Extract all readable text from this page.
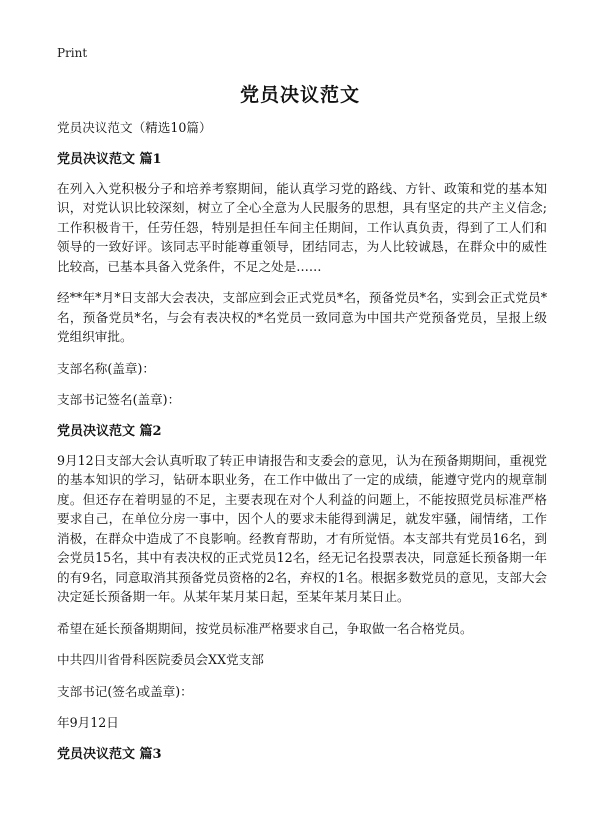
Print
党员决议范文

党员决议范文（精选10篇）

党员决议范文 篇1

在列入入党积极分子和培养考察期间，能认真学习党的路线、方针、政策和党的基本知识，对党认识比较深刻，树立了全心全意为人民服务的思想，具有坚定的共产主义信念;工作积极肯干，任劳任怨，特别是担任车间主任期间，工作认真负责，得到了工人们和领导的一致好评。该同志平时能尊重领导，团结同志，为人比较诚恳，在群众中的威性比较高，已基本具备入党条件，不足之处是……

经**年*月*日支部大会表决，支部应到会正式党员*名，预备党员*名，实到会正式党员*名，预备党员*名，与会有表决权的*名党员一致同意为中国共产党预备党员，呈报上级党组织审批。

支部名称(盖章)：

支部书记签名(盖章)：

党员决议范文 篇2

9月12日支部大会认真听取了转正申请报告和支委会的意见，认为在预备期期间，重视党的基本知识的学习，钻研本职业务，在工作中做出了一定的成绩，能遵守党内的规章制度。但还存在着明显的不足，主要表现在对个人利益的问题上，不能按照党员标准严格要求自己，在单位分房一事中，因个人的要求未能得到满足，就发牢骚，闹情绪，工作消极，在群众中造成了不良影响。经教育帮助，才有所觉悟。本支部共有党员16名，到会党员15名，其中有表决权的正式党员12名，经无记名投票表决，同意延长预备期一年的有9名，同意取消其预备党员资格的2名，弃权的1名。根据多数党员的意见，支部大会决定延长预备期一年。从某年某月某日起，至某年某月某日止。

希望在延长预备期期间，按党员标准严格要求自己，争取做一名合格党员。

中共四川省骨科医院委员会XX党支部

支部书记(签名或盖章)：

年9月12日

党员决议范文 篇3
